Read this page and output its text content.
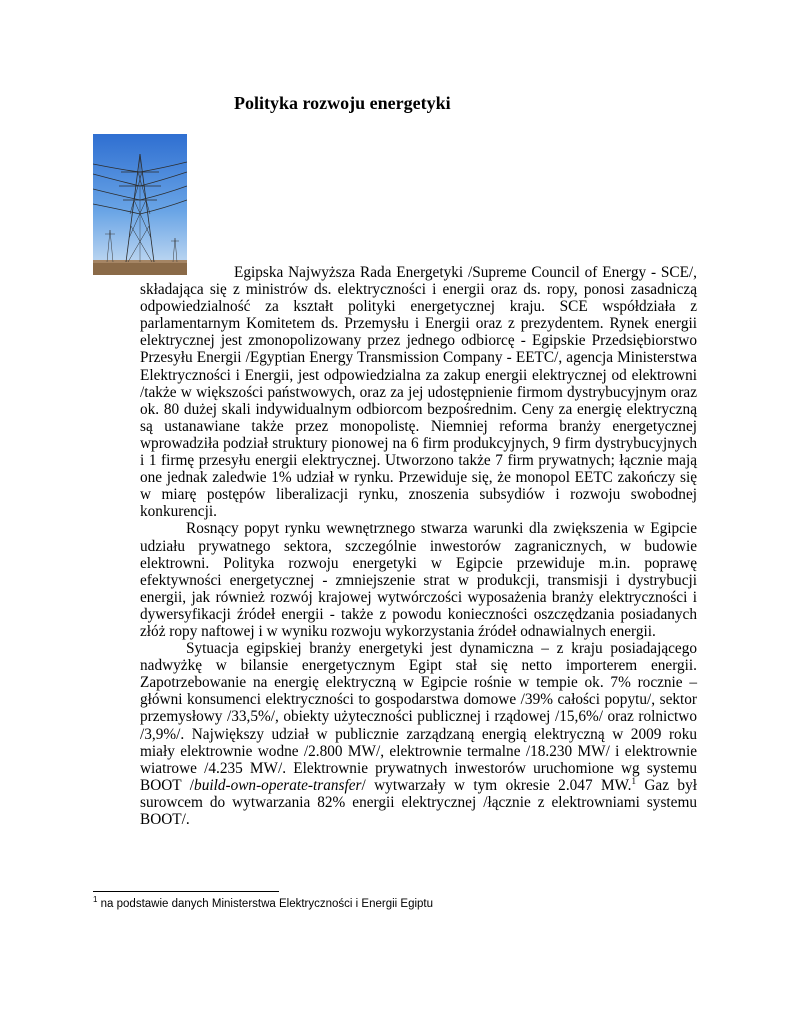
Polityka rozwoju energetyki

Egipska Najwyższa Rada Energetyki /Supreme Council of Energy - SCE/, składająca się z ministrów ds. elektryczności i energii oraz ds. ropy, ponosi zasadniczą odpowiedzialność za kształt polityki energetycznej kraju. SCE współdziała z parlamentarnym Komitetem ds. Przemysłu i Energii oraz z prezydentem. Rynek energii elektrycznej jest zmonopolizowany przez jednego odbiorcę - Egipskie Przedsiębiorstwo Przesyłu Energii /Egyptian Energy Transmission Company - EETC/, agencja Ministerstwa Elektryczności i Energii, jest odpowiedzialna za zakup energii elektrycznej od elektrowni /także w większości państwowych, oraz za jej udostępnienie firmom dystrybucyjnym oraz ok. 80 dużej skali indywidualnym odbiorcom bezpośrednim. Ceny za energię elektryczną są ustanawiane także przez monopolistę. Niemniej reforma branży energetycznej wprowadziła podział struktury pionowej na 6 firm produkcyjnych, 9 firm dystrybucyjnych i 1 firmę przesyłu energii elektrycznej. Utworzono także 7 firm prywatnych; łącznie mają one jednak zaledwie 1% udział w rynku. Przewiduje się, że monopol EETC zakończy się w miarę postępów liberalizacji rynku, znoszenia subsydiów i rozwoju swobodnej konkurencji.

Rosnący popyt rynku wewnętrznego stwarza warunki dla zwiększenia w Egipcie udziału prywatnego sektora, szczególnie inwestorów zagranicznych, w budowie elektrowni. Polityka rozwoju energetyki w Egipcie przewiduje m.in. poprawę efektywności energetycznej - zmniejszenie strat w produkcji, transmisji i dystrybucji energii, jak również rozwój krajowej wytwórczości wyposażenia branży elektryczności i dywersyfikacji źródeł energii - także z powodu konieczności oszczędzania posiadanych złóż ropy naftowej i w wyniku rozwoju wykorzystania źródeł odnawialnych energii.

Sytuacja egipskiej branży energetyki jest dynamiczna – z kraju posiadającego nadwyżkę w bilansie energetycznym Egipt stał się netto importerem energii. Zapotrzebowanie na energię elektryczną w Egipcie rośnie w tempie ok. 7% rocznie – główni konsumenci elektryczności to gospodarstwa domowe /39% całości popytu/, sektor przemysłowy /33,5%/, obiekty użyteczności publicznej i rządowej /15,6%/ oraz rolnictwo /3,9%/. Największy udział w publicznie zarządzaną energią elektryczną w 2009 roku miały elektrownie wodne /2.800 MW/, elektrownie termalne /18.230 MW/ i elektrownie wiatrowe /4.235 MW/. Elektrownie prywatnych inwestorów uruchomione wg systemu BOOT /build-own-operate-transfer/ wytwarzały w tym okresie 2.047 MW.$^1$ Gaz był surowcem do wytwarzania 82% energii elektrycznej /łącznie z elektrowniami systemu BOOT/.

$^1$ na podstawie danych Ministerstwa Elektryczności i Energii Egiptu
